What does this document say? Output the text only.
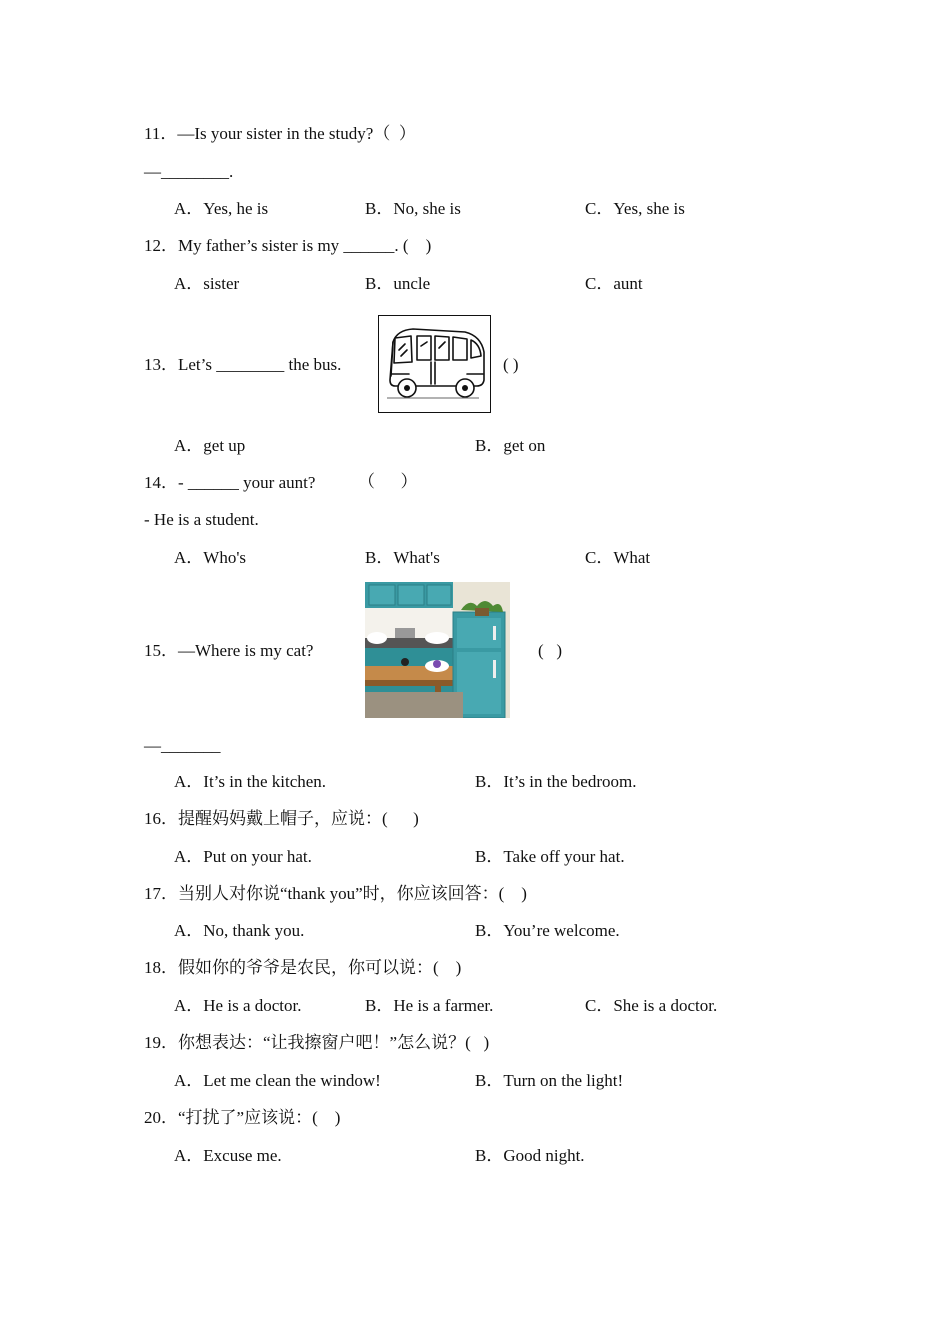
11．—Is your sister in the study?（  ）
—________.
A．Yes, he is	B．No, she is	C．Yes, she is
12．My father’s sister is my ______. (    )
A．sister	B．uncle	C．aunt
13．Let’s ________ the bus.	( )
A．get up	B．get on
14．- ______ your aunt?	（      ）
- He is a student.
A．Who's	B．What's	C．What
15．—Where is my cat?	(   )
—_______
A．It’s in the kitchen.	B．It’s in the bedroom.
16．提醒妈妈戴上帽子，应说：(      )
A．Put on your hat.	B．Take off your hat.
17．当别人对你说“thank you”时，你应该回答：(    )
A．No, thank you.	B．You’re welcome.
18．假如你的爷爷是农民，你可以说：(    )
A．He is a doctor.	B．He is a farmer.	C．She is a doctor.
19．你想表达：“让我擦窗户吧！”怎么说？(   )
A．Let me clean the window!	B．Turn on the light!
20．“打扰了”应该说：(    )
A．Excuse me.	B．Good night.
